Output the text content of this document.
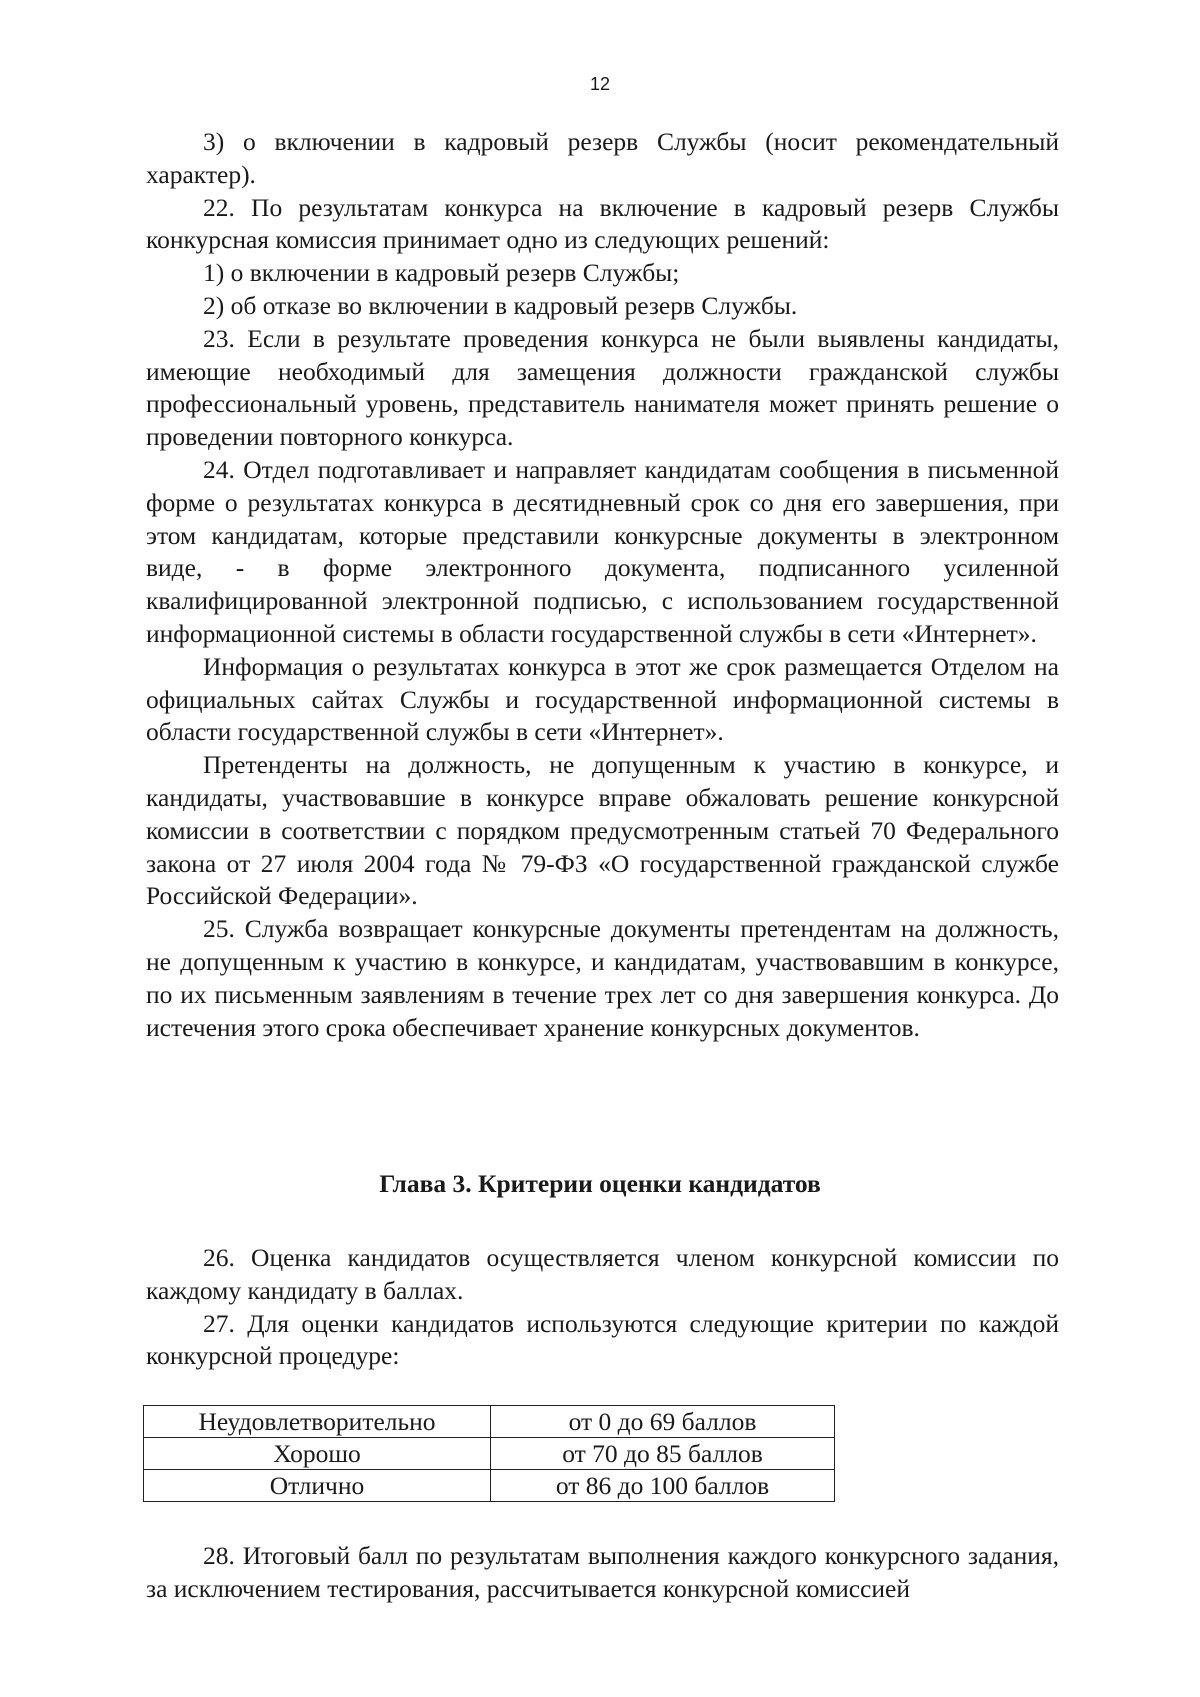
12

3) о включении в кадровый резерв Службы (носит рекомендательный характер).

22. По результатам конкурса на включение в кадровый резерв Службы конкурсная комиссия принимает одно из следующих решений:

1) о включении в кадровый резерв Службы;

2) об отказе во включении в кадровый резерв Службы.

23. Если в результате проведения конкурса не были выявлены кандидаты, имеющие необходимый для замещения должности гражданской службы профессиональный уровень, представитель нанимателя может принять решение о проведении повторного конкурса.

24. Отдел подготавливает и направляет кандидатам сообщения в письменной форме о результатах конкурса в десятидневный срок со дня его завершения, при этом кандидатам, которые представили конкурсные документы в электронном виде, - в форме электронного документа, подписанного усиленной квалифицированной электронной подписью, с использованием государственной информационной системы в области государственной службы в сети «Интернет».

Информация о результатах конкурса в этот же срок размещается Отделом на официальных сайтах Службы и государственной информационной системы в области государственной службы в сети «Интернет».

Претенденты на должность, не допущенным к участию в конкурсе, и кандидаты, участвовавшие в конкурсе вправе обжаловать решение конкурсной комиссии в соответствии с порядком предусмотренным статьей 70 Федерального закона от 27 июля 2004 года № 79-ФЗ «О государственной гражданской службе Российской Федерации».

25. Служба возвращает конкурсные документы претендентам на должность, не допущенным к участию в конкурсе, и кандидатам, участвовавшим в конкурсе, по их письменным заявлениям в течение трех лет со дня завершения конкурса. До истечения этого срока обеспечивает хранение конкурсных документов.

Глава 3. Критерии оценки кандидатов

26. Оценка кандидатов осуществляется членом конкурсной комиссии по каждому кандидату в баллах.

27. Для оценки кандидатов используются следующие критерии по каждой конкурсной процедуре:

Неудовлетворительно	от 0 до 69 баллов
Хорошо	от 70 до 85 баллов
Отлично	от 86 до 100 баллов

28. Итоговый балл по результатам выполнения каждого конкурсного задания, за исключением тестирования, рассчитывается конкурсной комиссией
